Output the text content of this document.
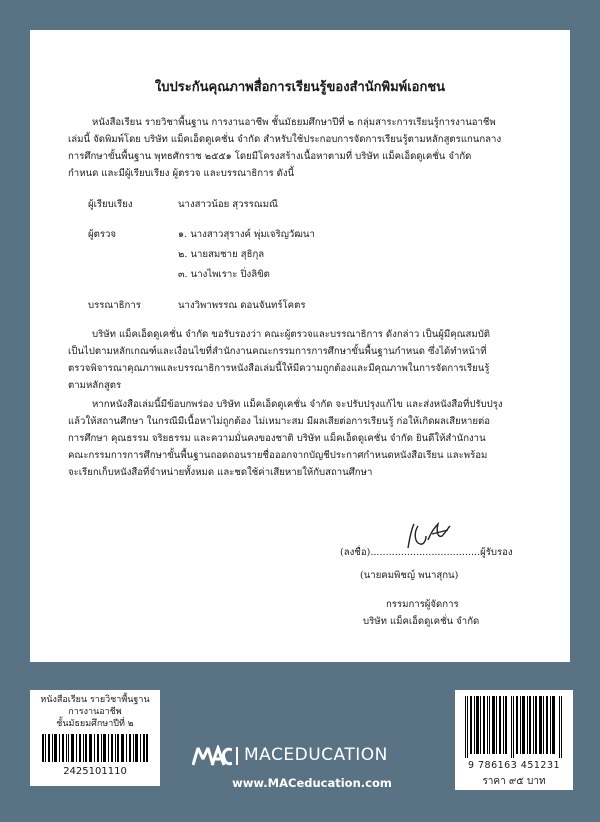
ใบประกันคุณภาพสื่อการเรียนรู้ของสำนักพิมพ์เอกชน
หนังสือเรียน รายวิชาพื้นฐาน การงานอาชีพ ชั้นมัธยมศึกษาปีที่ ๒ กลุ่มสาระการเรียนรู้การงานอาชีพ
เล่มนี้ จัดพิมพ์โดย บริษัท แม็คเอ็ดดูเคชั่น จำกัด สำหรับใช้ประกอบการจัดการเรียนรู้ตามหลักสูตรแกนกลาง
การศึกษาขั้นพื้นฐาน พุทธศักราช ๒๕๕๑ โดยมีโครงสร้างเนื้อหาตามที่ บริษัท แม็คเอ็ดดูเคชั่น จำกัด
กำหนด และมีผู้เรียบเรียง ผู้ตรวจ และบรรณาธิการ ดังนี้
ผู้เรียบเรียง	นางสาวน้อย สุวรรณมณี
ผู้ตรวจ	๑. นางสาวสุรางค์ พุ่มเจริญวัฒนา
๒. นายสมชาย สุธิกุล
๓. นางไพเราะ ปิ่งลิขิต
บรรณาธิการ	นางวิพาพรรณ ดอนจันทร์โคตร
บริษัท แม็คเอ็ดดูเคชั่น จำกัด ขอรับรองว่า คณะผู้ตรวจและบรรณาธิการ ดังกล่าว เป็นผู้มีคุณสมบัติ
เป็นไปตามหลักเกณฑ์และเงื่อนไขที่สำนักงานคณะกรรมการการศึกษาขั้นพื้นฐานกำหนด ซึ่งได้ทำหน้าที่
ตรวจพิจารณาคุณภาพและบรรณาธิการหนังสือเล่มนี้ให้มีความถูกต้องและมีคุณภาพในการจัดการเรียนรู้
ตามหลักสูตร
หากหนังสือเล่มนี้มีข้อบกพร่อง บริษัท แม็คเอ็ดดูเคชั่น จำกัด จะปรับปรุงแก้ไข และส่งหนังสือที่ปรับปรุง
แล้วให้สถานศึกษา ในกรณีมีเนื้อหาไม่ถูกต้อง ไม่เหมาะสม มีผลเสียต่อการเรียนรู้ ก่อให้เกิดผลเสียหายต่อ
การศึกษา คุณธรรม จริยธรรม และความมั่นคงของชาติ บริษัท แม็คเอ็ดดูเคชั่น จำกัด ยินดีให้สำนักงาน
คณะกรรมการการศึกษาขั้นพื้นฐานถอดถอนรายชื่อออกจากบัญชีประกาศกำหนดหนังสือเรียน และพร้อม
จะเรียกเก็บหนังสือที่จำหน่ายทั้งหมด และชดใช้ค่าเสียหายให้กับสถานศึกษา
(ลงชื่อ)....................................ผู้รับรอง
(นายคมพิชญ์ พนาสุกน)
กรรมการผู้จัดการ
บริษัท แม็คเอ็ดดูเคชั่น จำกัด
หนังสือเรียน รายวิชาพื้นฐาน
การงานอาชีพ
ชั้นมัธยมศึกษาปีที่ ๒
2425101110
MACEDUCATION
www.MACeducation.com
9 786163 451231
ราคา ๙๕ บาท
